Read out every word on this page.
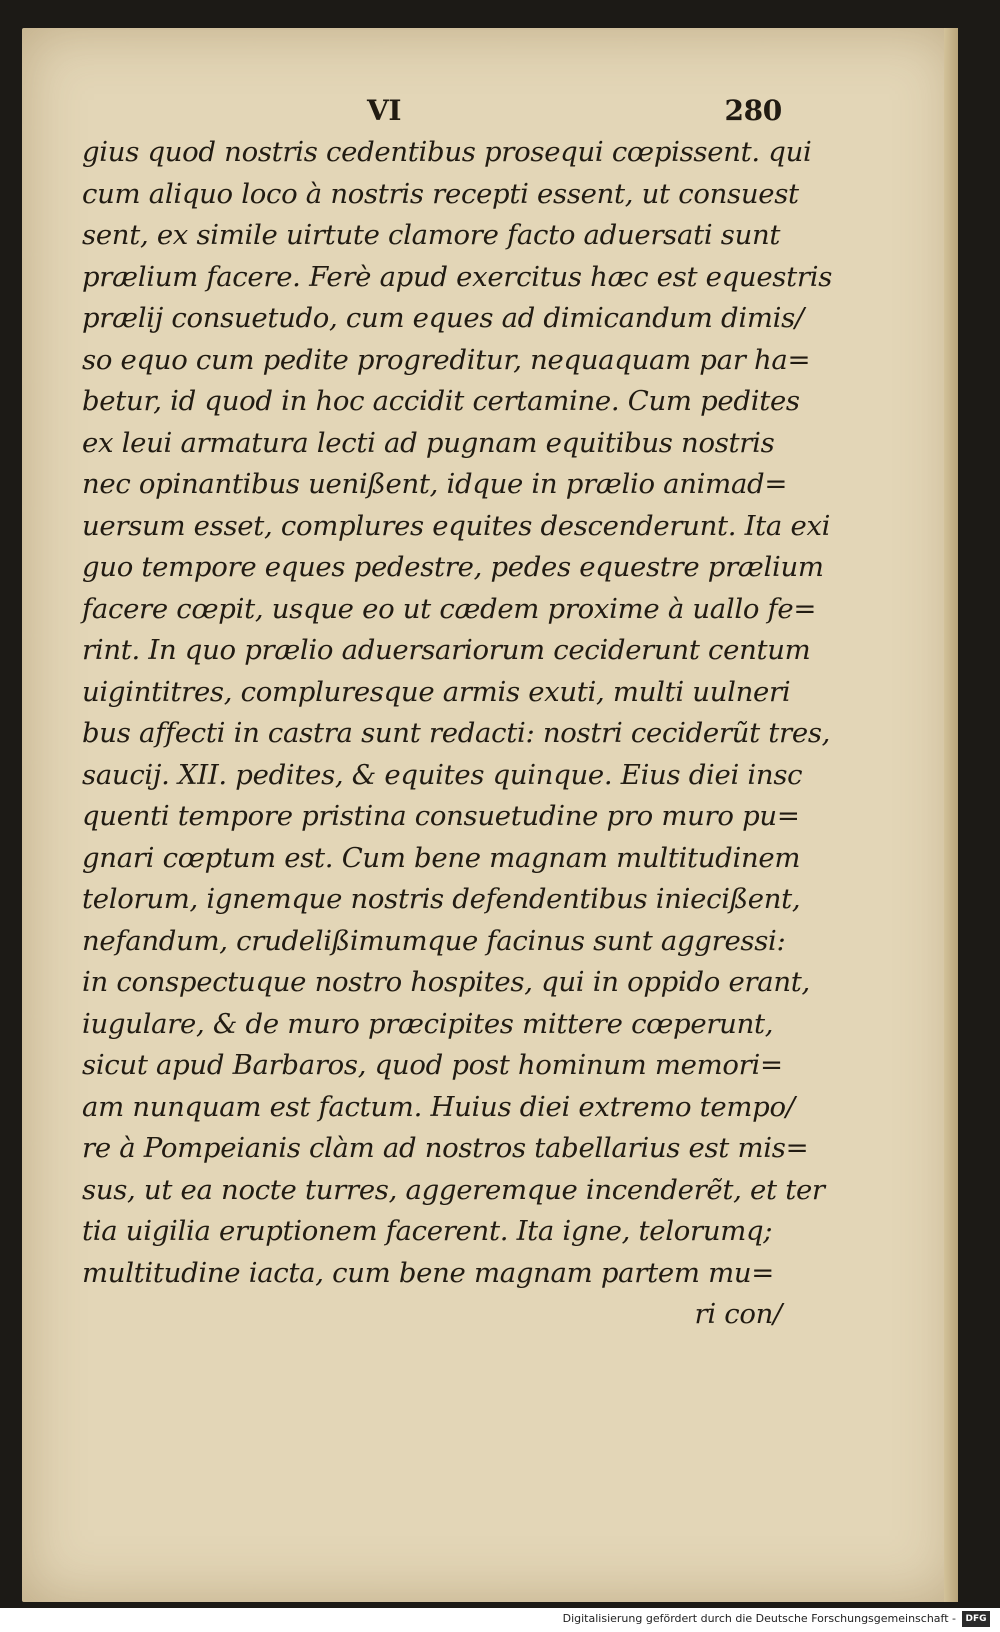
VI	280
gius quod nostris cedentibus prosequi cœpissent. qui
cum aliquo loco à nostris recepti essent, ut consuest
sent, ex simile uirtute clamore facto aduersati sunt
prælium facere. Ferè apud exercitus hæc est equestris
prælij consuetudo, cum eques ad dimicandum dimis/
so equo cum pedite progreditur, nequaquam par ha=
betur, id quod in hoc accidit certamine. Cum pedites
ex leui armatura lecti ad pugnam equitibus nostris
nec opinantibus uenißent, idque in prælio animad=
uersum esset, complures equites descenderunt. Ita exi
guo tempore eques pedestre, pedes equestre prælium
facere cœpit, usque eo ut cædem proxime à uallo fe=
rint. In quo prælio aduersariorum ceciderunt centum
uigintitres, compluresque armis exuti, multi uulneri
bus affecti in castra sunt redacti: nostri ceciderũt tres,
saucij. XII. pedites, & equites quinque. Eius diei insc
quenti tempore pristina consuetudine pro muro pu=
gnari cœptum est. Cum bene magnam multitudinem
telorum, ignemque nostris defendentibus iniecißent,
nefandum, crudelißimumque facinus sunt aggressi:
in conspectuque nostro hospites, qui in oppido erant,
iugulare, & de muro præcipites mittere cœperunt,
sicut apud Barbaros, quod post hominum memori=
am nunquam est factum. Huius diei extremo tempo/
re à Pompeianis clàm ad nostros tabellarius est mis=
sus, ut ea nocte turres, aggeremque incenderẽt, et ter
tia uigilia eruptionem facerent. Ita igne, telorumq;
multitudine iacta, cum bene magnam partem mu=
ri con/
Digitalisierung gefördert durch die Deutsche Forschungsgemeinschaft -	DFG
